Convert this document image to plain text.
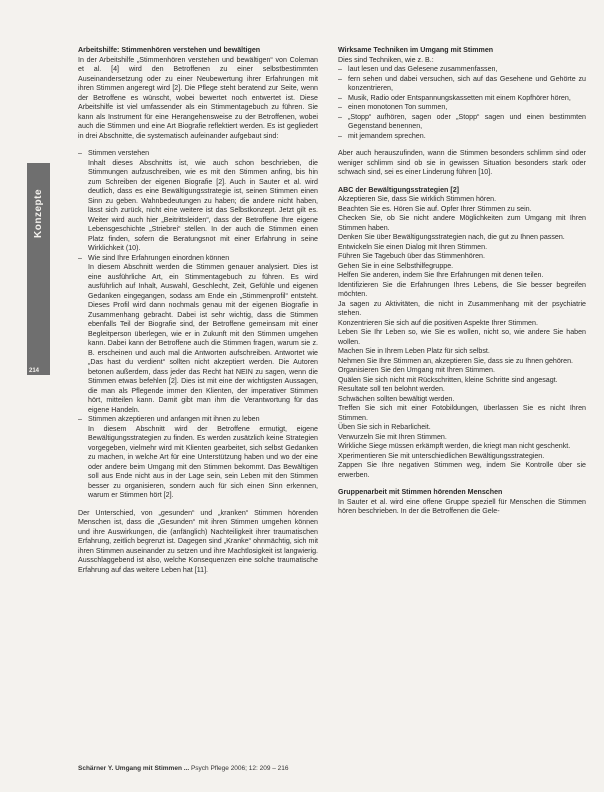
Konzepte
214

Arbeitshilfe: Stimmenhören verstehen und bewältigen

In der Arbeitshilfe „Stimmenhören verstehen und bewältigen“ von Coleman et al. [4] wird den Betroffenen zu einer selbstbestimmten Auseinandersetzung oder zu einer Neubewertung ihrer Erfahrungen mit ihren Stimmen angeregt wird [2]. Die Pflege steht beratend zur Seite, wenn der Betroffene es wünscht, wobei bewertet noch entwertet ist. Diese Arbeitshilfe ist viel umfassender als ein Stimmentagebuch zu führen. Sie kann als Instrument für eine Herangehensweise zu der Betroffenen, wobei auch die Stimmen und eine Art Biografie reflektiert werden. Es ist gegliedert in drei Abschnitte, die systematisch aufeinander aufgebaut sind:

– Stimmen verstehen
Inhalt dieses Abschnitts ist, wie auch schon beschrieben, die Stimmungen aufzuschreiben, wie es mit den Stimmen anfing, bis hin zum Schreiben der eigenen Biografie [2]. Auch in Sauter et al. wird deutlich, dass es eine Bewältigungsstrategie ist, seinen Stimmen einen Sinn zu geben. Wahnbedeutungen zu haben; die andere nicht haben, lässt sich zurück, nicht eine weitere ist das Selbstkonzept. Jetzt gilt es. Weiter wird auch hier „Beitrittsleiden“, dass der Betroffene Ihre eigene Lebensgeschichte „Striebrei“ stellen. In der auch die Stimmen einen Platz finden, sofern die Beratungsnot mit einer Erfahrung in seine Wirklichkeit (10).
– Wie sind Ihre Erfahrungen einordnen können
In diesem Abschnitt werden die Stimmen genauer analysiert. Dies ist eine ausführliche Art, ein Stimmentagebuch zu führen. Es wird ausführlich auf Inhalt, Auswahl, Geschlecht, Zeit, Gefühle und eigenen Gedanken eingegangen, sodass am Ende ein „Stimmenprofil“ entsteht. Dieses Profil wird dann nochmals genau mit der eigenen Biografie in Zusammenhang gebracht. Dabei ist sehr wichtig, dass die Stimmen ebenfalls Teil der Biografie sind, der Betroffene gemeinsam mit einer Begleitperson überlegen, wie er in Zukunft mit den Stimmen umgehen kann. Dabei kann der Betroffene auch die Stimmen fragen, warum sie z. B. erscheinen und auch mal die Antworten aufschreiben. Antwortet wie „Das hast du verdient“ sollten nicht akzeptiert werden. Die Autoren betonen außerdem, dass jeder das Recht hat NEIN zu sagen, wenn die Stimmen etwas befehlen [2]. Dies ist mit eine der wichtigsten Aussagen, die man als Pflegende immer den Klienten, der imperativer Stimmen hört, mitteilen kann. Damit gibt man ihm die Verantwortung für das eigene Handeln.
– Stimmen akzeptieren und anfangen mit ihnen zu leben
In diesem Abschnitt wird der Betroffene ermutigt, eigene Bewältigungsstrategien zu finden. Es werden zusätzlich keine Strategien vorgegeben, vielmehr wird mit Klienten gearbeitet, sich selbst Gedanken zu machen, in welche Art für eine Unterstützung haben und wo der eine oder andere beim Umgang mit den Stimmen bekommt. Das Bewältigen soll aus Ende nicht aus in der Lage sein, sein Leben mit den Stimmen besser zu organisieren, sondern auch für sich einen Sinn erkennen, warum er Stimmen hört [2].

Der Unterschied, von „gesunden“ und „kranken“ Stimmen hörenden Menschen ist, dass die „Gesunden“ mit ihren Stimmen umgehen können und ihre Auswirkungen, die (anfänglich) Nachteiligkeit ihrer traumatischen Erfahrung, zeitlich begrenzt ist. Dagegen sind „Kranke“ ohnmächtig, sich mit ihren Stimmen auseinander zu setzen und ihre Machtlosigkeit ist langwierig. Ausschlaggebend ist also, welche Konsequenzen eine solche traumatische Erfahrung auf das weitere Leben hat [11].

Wirksame Techniken im Umgang mit Stimmen

Dies sind Techniken, wie z. B.:

– laut lesen und das Gelesene zusammenfassen,
– fern sehen und dabei versuchen, sich auf das Gesehene und Gehörte zu konzentrieren,
– Musik, Radio oder Entspannungskassetten mit einem Kopfhörer hören,
– einen monotonen Ton summen,
– „Stopp“ aufhören, sagen oder „Stopp“ sagen und einen bestimmten Gegenstand benennen,
– mit jemandem sprechen.

Aber auch herauszufinden, wann die Stimmen besonders schlimm sind oder weniger schlimm sind ob sie in gewissen Situation besonders stark oder schwach sind, sei es einer Linderung führen [10].

ABC der Bewältigungsstrategien [2]

Akzeptieren Sie, dass Sie wirklich Stimmen hören.
Beachten Sie es. Hören Sie auf. Opfer Ihrer Stimmen zu sein.
Checken Sie, ob Sie nicht andere Möglichkeiten zum Umgang mit Ihren Stimmen haben.
Denken Sie über Bewältigungsstrategien nach, die gut zu Ihnen passen.
Entwickeln Sie einen Dialog mit Ihren Stimmen.
Führen Sie Tagebuch über das Stimmenhören.
Gehen Sie in eine Selbsthilfegruppe.
Helfen Sie anderen, indem Sie Ihre Erfahrungen mit denen teilen.
Identifizieren Sie die Erfahrungen Ihres Lebens, die Sie besser begreifen möchten.
Ja sagen zu Aktivitäten, die nicht in Zusammenhang mit der psychiatrie stehen.
Konzentrieren Sie sich auf die positiven Aspekte Ihrer Stimmen.
Leben Sie Ihr Leben so, wie Sie es wollen, nicht so, wie andere Sie haben wollen.
Machen Sie in Ihrem Leben Platz für sich selbst.
Nehmen Sie Ihre Stimmen an, akzeptieren Sie, dass sie zu Ihnen gehören.
Organisieren Sie den Umgang mit Ihren Stimmen.
Quälen Sie sich nicht mit Rückschritten, kleine Schritte sind angesagt.
Resultate soll ten belohnt werden.
Schwächen sollten bewältigt werden.
Treffen Sie sich mit einer Fotobildungen, überlassen Sie es nicht Ihren Stimmen.
Üben Sie sich in Rebarlicheit.
Verwurzeln Sie mit Ihren Stimmen.
Wirkliche Siege müssen erkämpft werden, die kriegt man nicht geschenkt.
Xperimentieren Sie mit unterschiedlichen Bewältigungsstrategien.
Zappen Sie Ihre negativen Stimmen weg, indem Sie Kontrolle über sie erwerben.

Gruppenarbeit mit Stimmen hörenden Menschen

In Sauter et al. wird eine offene Gruppe speziell für Menschen die Stimmen hören beschrieben. In der die Betroffenen die Gele-

Schärner Y. Umgang mit Stimmen ... Psych Pflege 2006; 12: 209 – 216
